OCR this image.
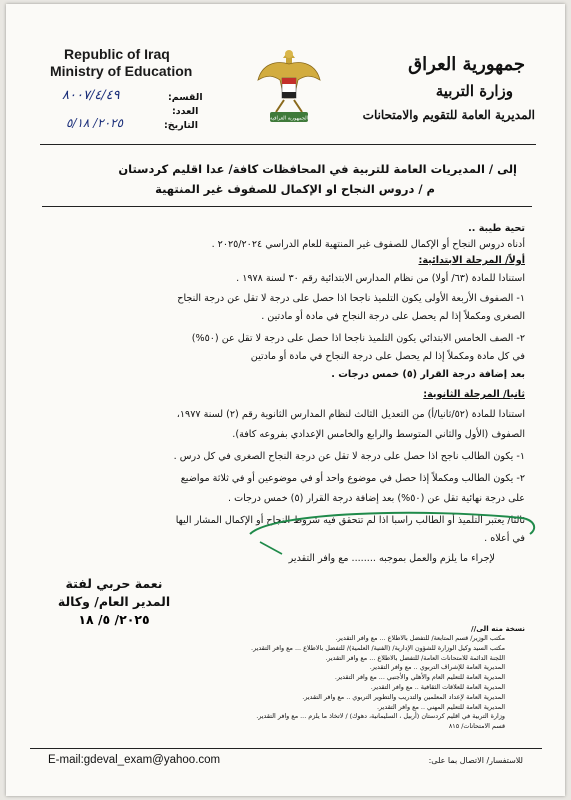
Republic of Iraq
Ministry of Education
الجمهورية العراقية
جمهورية العراق
وزارة التربية
المديرية العامة للتقويم والامتحانات
القسم:
٨٠٠٧/٤/٤٩
العدد:
التاريخ:
٢٠٢٥/ ٥/١٨
إلى / المديريات العامة للتربية في المحافظات كافة/ عدا اقليم كردستان
م / دروس النجاح او الإكمال للصفوف غير المنتهية
تحية طيبة ..
أدناه دروس النجاح أو الإكمال للصفوف غير المنتهية للعام الدراسي ٢٠٢٥/٢٠٢٤ .
أولاً/ المرحلة الابتدائية:
استنادا للمادة (٦٣/ أولا) من نظام المدارس الابتدائية رقم ٣٠ لسنة ١٩٧٨ .
١- الصفوف الأربعة الأولى يكون التلميذ ناجحا اذا حصل على درجة لا تقل عن درجة النجاح
الصغرى ومكملاً إذا لم يحصل على درجة النجاح في مادة أو مادتين .
٢- الصف الخامس الابتدائي يكون التلميذ ناجحا اذا حصل على درجة لا تقل عن (٥٠%)
في كل مادة ومكملاً إذا لم يحصل على درجة النجاح في مادة أو مادتين
بعد إضافة درجة القرار (٥) خمس درجات .
ثانيا/ المرحلة الثانوية:
استنادا للمادة (٥٢/ثانيا/أ) من التعديل الثالث لنظام المدارس الثانوية رقم (٢) لسنة ١٩٧٧،
الصفوف (الأول والثاني المتوسط والرابع والخامس الإعدادي بفروعه كافة).
١- يكون الطالب ناجح اذا حصل على درجة لا تقل عن درجة النجاح الصغرى في كل درس .
٢- يكون الطالب ومكملاً إذا حصل في موضوع واحد أو في موضوعين أو في ثلاثة مواضيع
على درجة نهائية تقل عن (٥٠%) بعد إضافة درجة القرار (٥) خمس درجات .
ثالثا/ يعتبر التلميذ أو الطالب راسبا اذا لم تتحقق فيه شروط النجاح أو الإكمال المشار اليها
في أعلاه .
لإجراء ما يلزم والعمل بموجبه ........ مع وافر التقدير
نعمة حربي لفتة
المدير العام/ وكالة
٢٠٢٥/ ٥/ ١٨
نسخة منه الى//
مكتب الوزير/ قسم المتابعة/ للتفضل بالاطلاع ... مع وافر التقدير.
مكتب السيد وكيل الوزارة للشؤون الإدارية/ (الفنية/ العلمية)/ للتفضل بالاطلاع ... مع وافر التقدير.
اللجنة الدائمة للامتحانات العامة/ للتفضل بالاطلاع ... مع وافر التقدير.
المديرية العامة للإشراف التربوي .. مع وافر التقدير.
المديرية العامة للتعليم العام والأهلي والأجنبي ... مع وافر التقدير.
المديرية العامة للعلاقات الثقافية .. مع وافر التقدير.
المديرية العامة لإعداد المعلمين والتدريب والتطوير التربوي .. مع وافر التقدير.
المديرية العامة للتعليم المهني .. مع وافر التقدير.
وزارة التربية في اقليم كردستان (أربيل ، السليمانية، دهوك) / لاتخاذ ما يلزم ... مع وافر التقدير.
قسم الامتحانات/ ٨١٥
E-mail:gdeval_exam@yahoo.com	للاستفسار/ الاتصال بما على:
